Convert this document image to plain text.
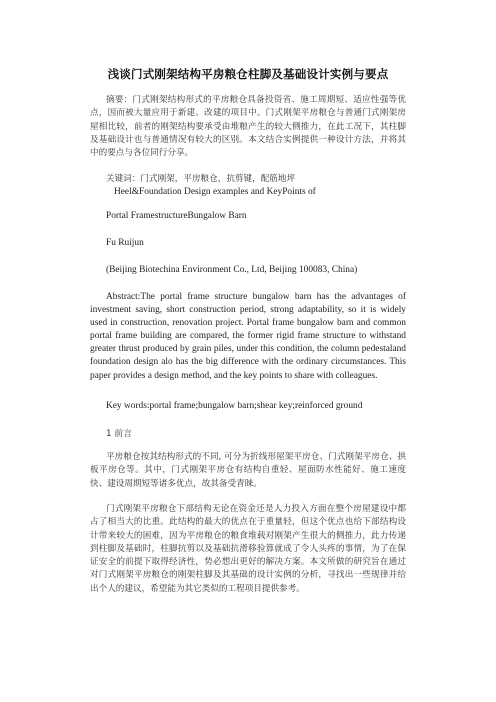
浅谈门式刚架结构平房粮仓柱脚及基础设计实例与要点

摘要：门式刚架结构形式的平房粮仓具备投资省、施工周期短、适应性强等优点，因而被大量应用于新建、改建的项目中。门式刚架平房粮仓与普通门式刚架房屋相比较，前者的刚架结构要承受由堆粮产生的较大侧推力，在此工况下，其柱脚及基础设计也与普通情况有较大的区别。本文结合实例提供一种设计方法，并将其中的要点与各位同行分享。

关键词：门式刚架，平房粮仓，抗剪键，配筋地坪

Heel&Foundation Design examples and KeyPoints of

Portal FramestructureBungalow Barn

Fu Ruijun

(Beijing Biotechina Environment Co., Ltd, Beijing 100083, China)

Abstract:The portal frame structure bungalow barn has the advantages of investment saving, short construction period, strong adaptability, so it is widely used in construction, renovation project. Portal frame bungalow barn and common portal frame building are compared, the former rigid frame structure to withstand greater thrust produced by grain piles, under this condition, the column pedestaland foundation design alo has the big difference with the ordinary circumstances. This paper provides a design method, and the key points to share with colleagues.

Key words:portal frame;bungalow barn;shear key;reinforced ground

1 前言

平房粮仓按其结构形式的不同, 可分为折线形屋架平房仓、门式刚架平房仓、拱板平房仓等。其中，门式刚架平房仓有结构自重轻、屋面防水性能好、施工速度快、建设周期短等诸多优点，故其备受青睐。

门式刚架平房粮仓下部结构无论在资金还是人力投入方面在整个房屋建设中都占了相当大的比重。此结构的最大的优点在于重量轻，但这个优点也给下部结构设计带来较大的困难，因为平房粮仓的粮食堆载对刚架产生很大的侧推力，此力传递到柱脚及基础时，柱脚抗剪以及基础抗滑移验算就成了令人头疼的事情，为了在保证安全的前提下取得经济性，势必想出更好的解决方案。本文所做的研究旨在通过对门式刚架平房粮仓的刚架柱脚及其基础的设计实例的分析，寻找出一些规律并给出个人的建议，希望能为其它类似的工程项目提供参考。
